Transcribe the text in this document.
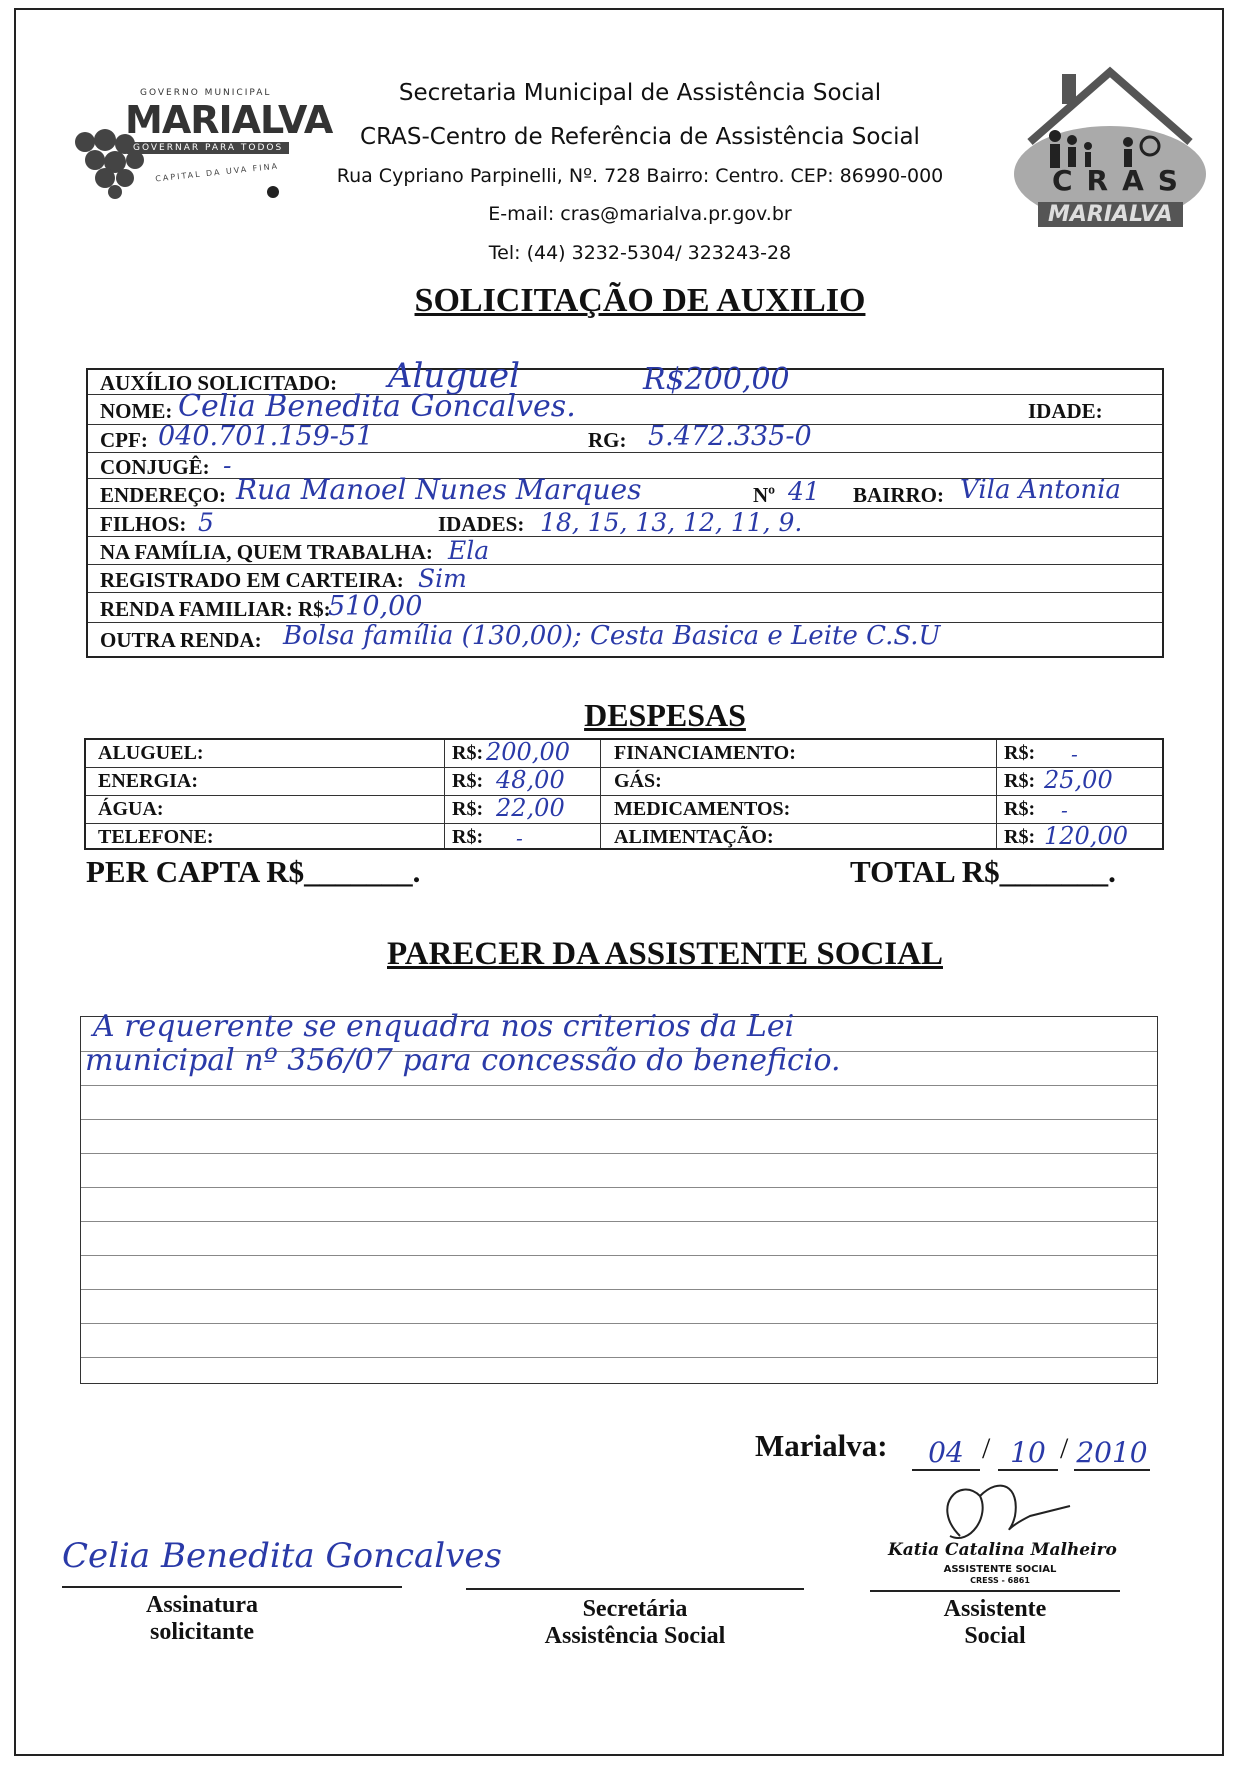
GOVERNO MUNICIPAL
MARIALVA
GOVERNAR PARA TODOS
CAPITAL DA UVA FINA
Secretaria Municipal de Assistência Social
CRAS-Centro de Referência de Assistência Social
Rua Cypriano Parpinelli, Nº. 728 Bairro: Centro. CEP: 86990-000
E-mail: cras@marialva.pr.gov.br
Tel: (44) 3232-5304/ 323243-28
CRAS
MARIALVA
SOLICITAÇÃO DE AUXILIO
AUXÍLIO SOLICITADO: Aluguel	R$200,00
NOME: Celia Benedita Goncalves.	IDADE:
CPF: 040.701.159-51	RG: 5.472.335-0
CONJUGÊ: -
ENDEREÇO: Rua Manoel Nunes Marques	Nº 41 BAIRRO: Vila Antonia
FILHOS: 5	IDADES: 18, 15, 13, 12, 11, 9.
NA FAMÍLIA, QUEM TRABALHA: Ela
REGISTRADO EM CARTEIRA: Sim
RENDA FAMILIAR: R$:
510,00
OUTRA RENDA: Bolsa família (130,00); Cesta Basica e Leite C.S.U
DESPESAS
ALUGUEL:	R$: 200,00 FINANCIAMENTO:	R$: -
ENERGIA:	R$: 48,00 GÁS:	R$: 25,00
ÁGUA:	R$: 22,00 MEDICAMENTOS:	R$: -
TELEFONE:	R$: -	ALIMENTAÇÃO:	R$: 120,00
PER CAPTA R$_______.	TOTAL R$_______.
PARECER DA ASSISTENTE SOCIAL
A requerente se enquadra nos criterios da Lei
municipal nº 356/07 para concessão do beneficio.
Marialva:	04 / 10 / 2010
Celia Benedita Goncalves
Assinatura
solicitante
Secretária
Assistência Social
Katia Catalina Malheiro
ASSISTENTE SOCIAL
CRESS - 6861
Assistente
Social
